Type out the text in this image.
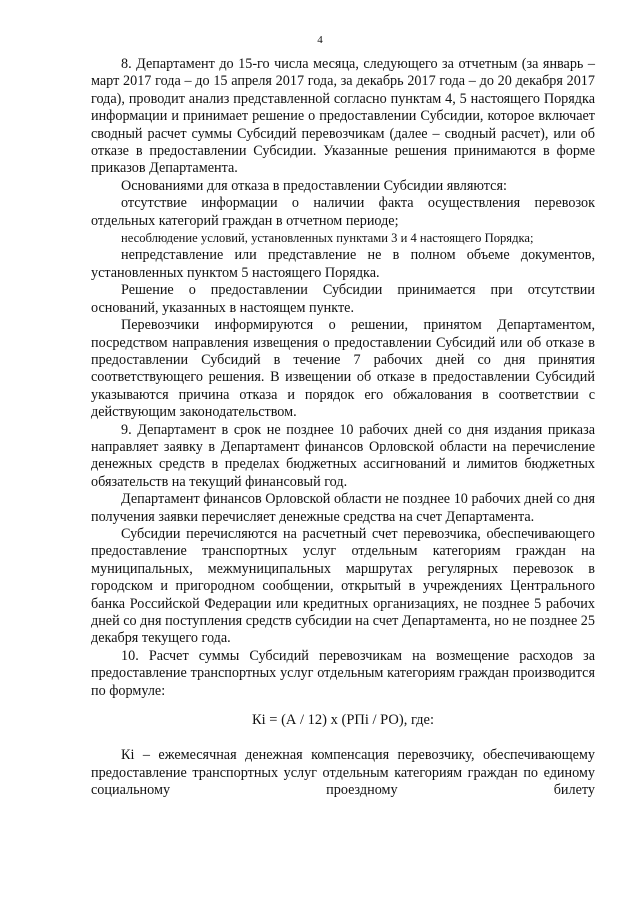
4

8. Департамент до 15-го числа месяца, следующего за отчетным (за январь – март 2017 года – до 15 апреля 2017 года, за декабрь 2017 года – до 20 декабря 2017 года), проводит анализ представленной согласно пунктам 4, 5 настоящего Порядка информации и принимает решение о предоставлении Субсидии, которое включает сводный расчет суммы Субсидий перевозчикам (далее – сводный расчет), или об отказе в предоставлении Субсидии. Указанные решения принимаются в форме приказов Департамента.

Основаниями для отказа в предоставлении Субсидии являются:

отсутствие информации о наличии факта осуществления перевозок отдельных категорий граждан в отчетном периоде;

несоблюдение условий, установленных пунктами 3 и 4 настоящего Порядка;

непредставление или представление не в полном объеме документов, установленных пунктом 5 настоящего Порядка.

Решение о предоставлении Субсидии принимается при отсутствии оснований, указанных в настоящем пункте.

Перевозчики информируются о решении, принятом Департаментом, посредством направления извещения о предоставлении Субсидий или об отказе в предоставлении Субсидий в течение 7 рабочих дней со дня принятия соответствующего решения. В извещении об отказе в предоставлении Субсидий указываются причина отказа и порядок его обжалования в соответствии с действующим законодательством.

9. Департамент в срок не позднее 10 рабочих дней со дня издания приказа направляет заявку в Департамент финансов Орловской области на перечисление денежных средств в пределах бюджетных ассигнований и лимитов бюджетных обязательств на текущий финансовый год.

Департамент финансов Орловской области не позднее 10 рабочих дней со дня получения заявки перечисляет денежные средства на счет Департамента.

Субсидии перечисляются на расчетный счет перевозчика, обеспечивающего предоставление транспортных услуг отдельным категориям граждан на муниципальных, межмуниципальных маршрутах регулярных перевозок в городском и пригородном сообщении, открытый в учреждениях Центрального банка Российской Федерации или кредитных организациях, не позднее 5 рабочих дней со дня поступления средств субсидии на счет Департамента, но не позднее 25 декабря текущего года.

10. Расчет суммы Субсидий перевозчикам на возмещение расходов за предоставление транспортных услуг отдельным категориям граждан производится по формуле:

Кi = (А / 12) х (РПi / РО), где:

Кi – ежемесячная денежная компенсация перевозчику, обеспечивающему предоставление транспортных услуг отдельным категориям граждан по единому социальному проездному билету
